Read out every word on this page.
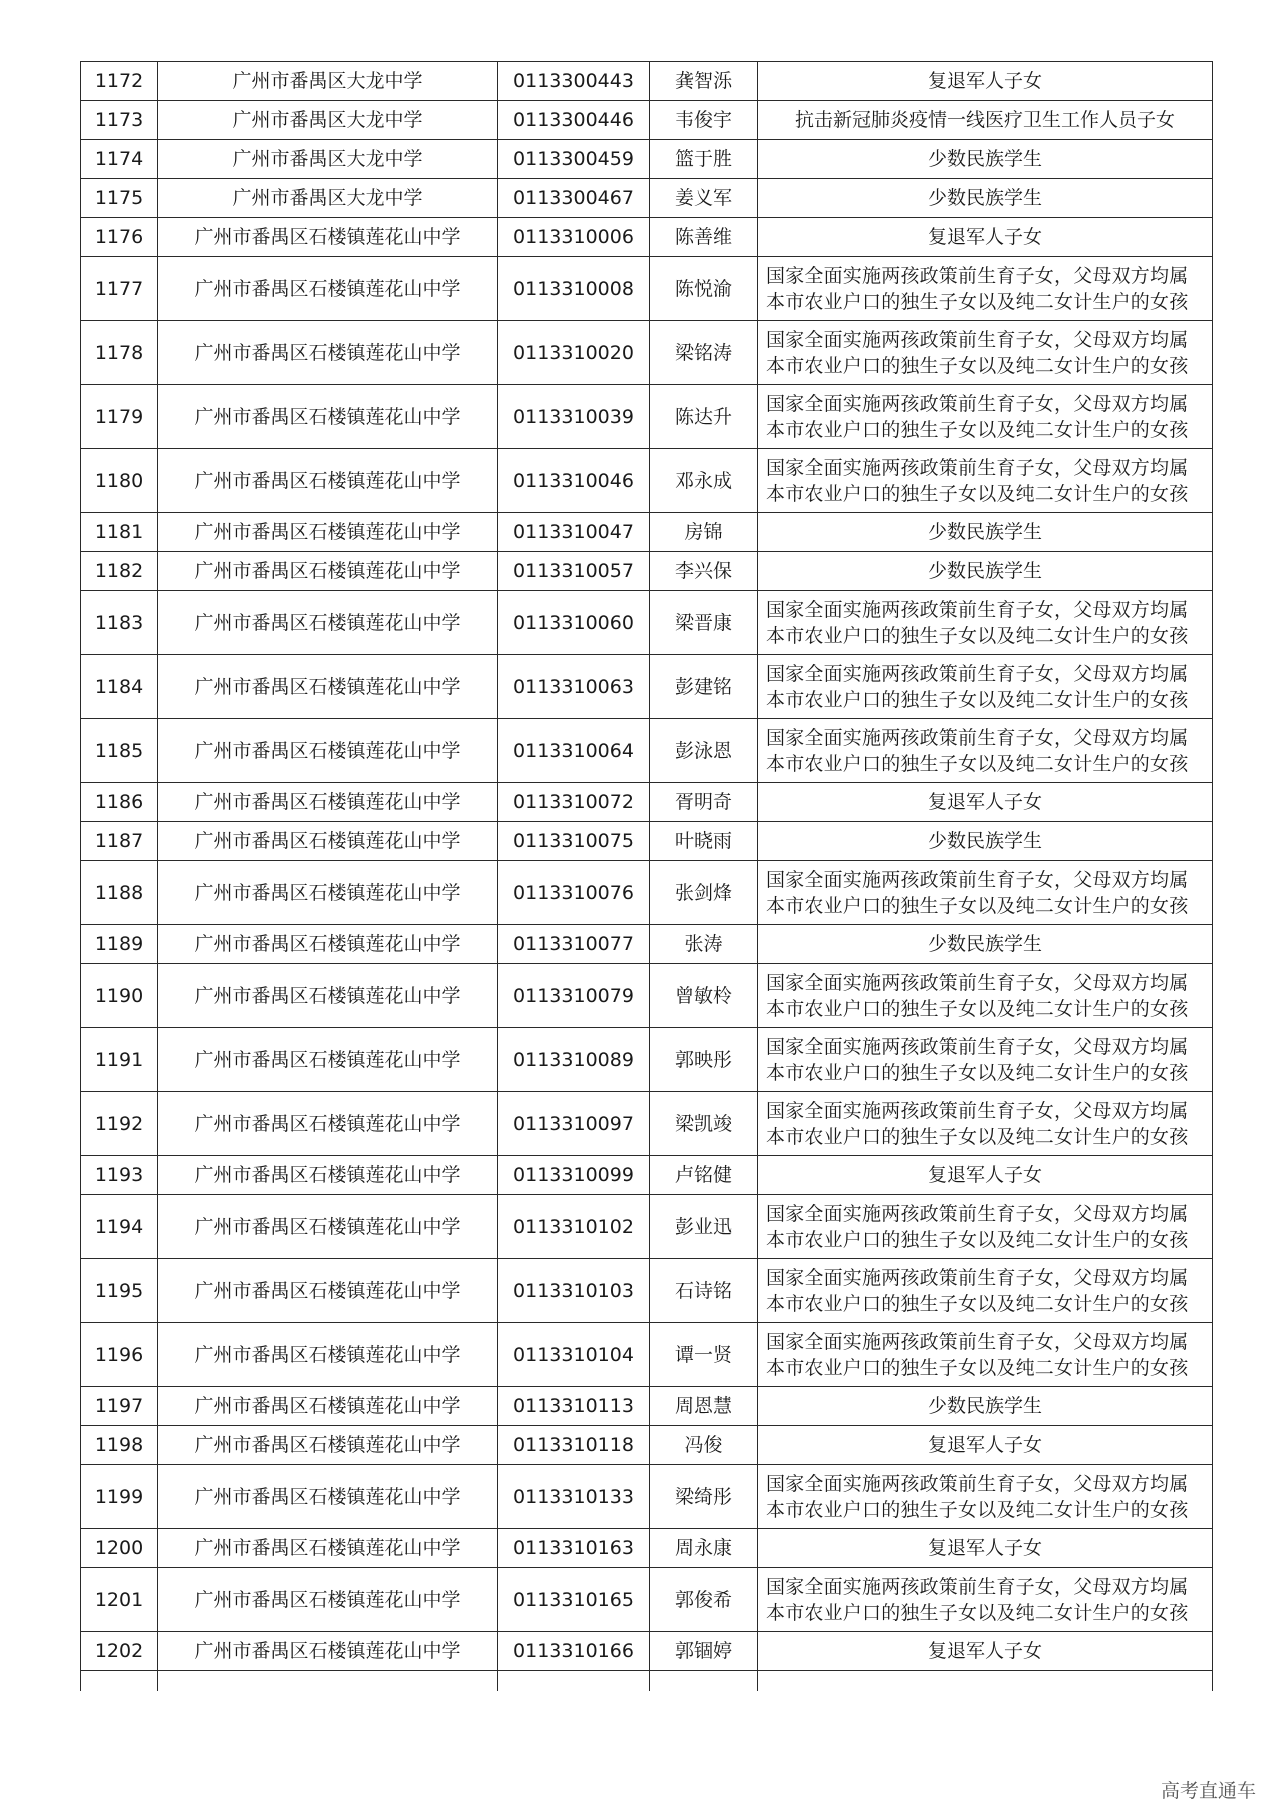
1172	广州市番禺区大龙中学	0113300443	龚智泺	复退军人子女
1173	广州市番禺区大龙中学	0113300446	韦俊宇	抗击新冠肺炎疫情一线医疗卫生工作人员子女
1174	广州市番禺区大龙中学	0113300459	篮于胜	少数民族学生
1175	广州市番禺区大龙中学	0113300467	姜义军	少数民族学生
1176	广州市番禺区石楼镇莲花山中学	0113310006	陈善维	复退军人子女
1177	广州市番禺区石楼镇莲花山中学	0113310008	陈悦渝	国家全面实施两孩政策前生育子女，父母双方均属本市农业户口的独生子女以及纯二女计生户的女孩
1178	广州市番禺区石楼镇莲花山中学	0113310020	梁铭涛	国家全面实施两孩政策前生育子女，父母双方均属本市农业户口的独生子女以及纯二女计生户的女孩
1179	广州市番禺区石楼镇莲花山中学	0113310039	陈达升	国家全面实施两孩政策前生育子女，父母双方均属本市农业户口的独生子女以及纯二女计生户的女孩
1180	广州市番禺区石楼镇莲花山中学	0113310046	邓永成	国家全面实施两孩政策前生育子女，父母双方均属本市农业户口的独生子女以及纯二女计生户的女孩
1181	广州市番禺区石楼镇莲花山中学	0113310047	房锦	少数民族学生
1182	广州市番禺区石楼镇莲花山中学	0113310057	李兴保	少数民族学生
1183	广州市番禺区石楼镇莲花山中学	0113310060	梁晋康	国家全面实施两孩政策前生育子女，父母双方均属本市农业户口的独生子女以及纯二女计生户的女孩
1184	广州市番禺区石楼镇莲花山中学	0113310063	彭建铭	国家全面实施两孩政策前生育子女，父母双方均属本市农业户口的独生子女以及纯二女计生户的女孩
1185	广州市番禺区石楼镇莲花山中学	0113310064	彭泳恩	国家全面实施两孩政策前生育子女，父母双方均属本市农业户口的独生子女以及纯二女计生户的女孩
1186	广州市番禺区石楼镇莲花山中学	0113310072	胥明奇	复退军人子女
1187	广州市番禺区石楼镇莲花山中学	0113310075	叶晓雨	少数民族学生
1188	广州市番禺区石楼镇莲花山中学	0113310076	张剑烽	国家全面实施两孩政策前生育子女，父母双方均属本市农业户口的独生子女以及纯二女计生户的女孩
1189	广州市番禺区石楼镇莲花山中学	0113310077	张涛	少数民族学生
1190	广州市番禺区石楼镇莲花山中学	0113310079	曾敏柃	国家全面实施两孩政策前生育子女，父母双方均属本市农业户口的独生子女以及纯二女计生户的女孩
1191	广州市番禺区石楼镇莲花山中学	0113310089	郭映彤	国家全面实施两孩政策前生育子女，父母双方均属本市农业户口的独生子女以及纯二女计生户的女孩
1192	广州市番禺区石楼镇莲花山中学	0113310097	梁凯竣	国家全面实施两孩政策前生育子女，父母双方均属本市农业户口的独生子女以及纯二女计生户的女孩
1193	广州市番禺区石楼镇莲花山中学	0113310099	卢铭健	复退军人子女
1194	广州市番禺区石楼镇莲花山中学	0113310102	彭业迅	国家全面实施两孩政策前生育子女，父母双方均属本市农业户口的独生子女以及纯二女计生户的女孩
1195	广州市番禺区石楼镇莲花山中学	0113310103	石诗铭	国家全面实施两孩政策前生育子女，父母双方均属本市农业户口的独生子女以及纯二女计生户的女孩
1196	广州市番禺区石楼镇莲花山中学	0113310104	谭一贤	国家全面实施两孩政策前生育子女，父母双方均属本市农业户口的独生子女以及纯二女计生户的女孩
1197	广州市番禺区石楼镇莲花山中学	0113310113	周恩慧	少数民族学生
1198	广州市番禺区石楼镇莲花山中学	0113310118	冯俊	复退军人子女
1199	广州市番禺区石楼镇莲花山中学	0113310133	梁绮彤	国家全面实施两孩政策前生育子女，父母双方均属本市农业户口的独生子女以及纯二女计生户的女孩
1200	广州市番禺区石楼镇莲花山中学	0113310163	周永康	复退军人子女
1201	广州市番禺区石楼镇莲花山中学	0113310165	郭俊希	国家全面实施两孩政策前生育子女，父母双方均属本市农业户口的独生子女以及纯二女计生户的女孩
1202	广州市番禺区石楼镇莲花山中学	0113310166	郭锢婷	复退军人子女

高考直通车
